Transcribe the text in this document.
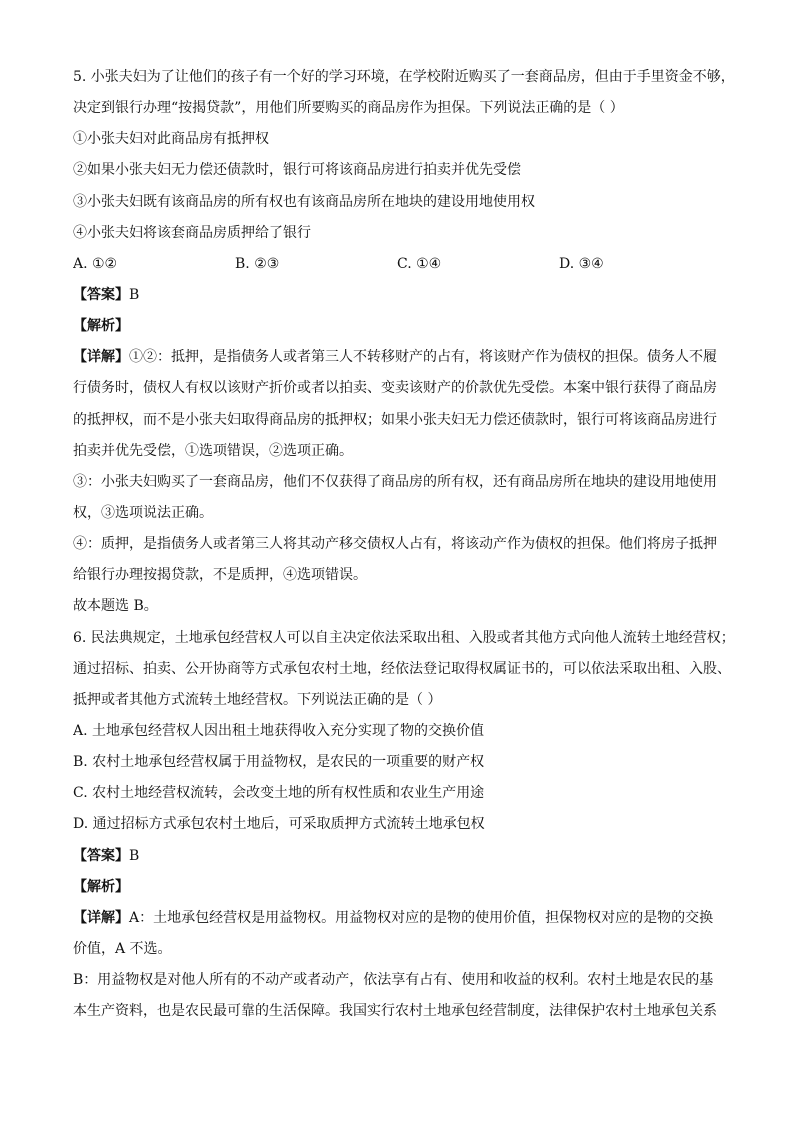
5. 小张夫妇为了让他们的孩子有一个好的学习环境，在学校附近购买了一套商品房，但由于手里资金不够，
决定到银行办理“按揭贷款”，用他们所要购买的商品房作为担保。下列说法正确的是（ ）
①小张夫妇对此商品房有抵押权
②如果小张夫妇无力偿还债款时，银行可将该商品房进行拍卖并优先受偿
③小张夫妇既有该商品房的所有权也有该商品房所在地块的建设用地使用权
④小张夫妇将该套商品房质押给了银行
A. ①②	B. ②③	C. ①④	D. ③④
【答案】B
【解析】
【详解】①②：抵押，是指债务人或者第三人不转移财产的占有，将该财产作为债权的担保。债务人不履
行债务时，债权人有权以该财产折价或者以拍卖、变卖该财产的价款优先受偿。本案中银行获得了商品房
的抵押权，而不是小张夫妇取得商品房的抵押权；如果小张夫妇无力偿还债款时，银行可将该商品房进行
拍卖并优先受偿，①选项错误，②选项正确。
③：小张夫妇购买了一套商品房，他们不仅获得了商品房的所有权，还有商品房所在地块的建设用地使用
权，③选项说法正确。
④：质押，是指债务人或者第三人将其动产移交债权人占有，将该动产作为债权的担保。他们将房子抵押
给银行办理按揭贷款，不是质押，④选项错误。
故本题选 B。
6. 民法典规定，土地承包经营权人可以自主决定依法采取出租、入股或者其他方式向他人流转土地经营权；
通过招标、拍卖、公开协商等方式承包农村土地，经依法登记取得权属证书的，可以依法采取出租、入股、
抵押或者其他方式流转土地经营权。下列说法正确的是（ ）
A. 土地承包经营权人因出租土地获得收入充分实现了物的交换价值
B. 农村土地承包经营权属于用益物权，是农民的一项重要的财产权
C. 农村土地经营权流转，会改变土地的所有权性质和农业生产用途
D. 通过招标方式承包农村土地后，可采取质押方式流转土地承包权
【答案】B
【解析】
【详解】A：土地承包经营权是用益物权。用益物权对应的是物的使用价值，担保物权对应的是物的交换
价值，A 不选。
B：用益物权是对他人所有的不动产或者动产，依法享有占有、使用和收益的权利。农村土地是农民的基
本生产资料，也是农民最可靠的生活保障。我国实行农村土地承包经营制度，法律保护农村土地承包关系
